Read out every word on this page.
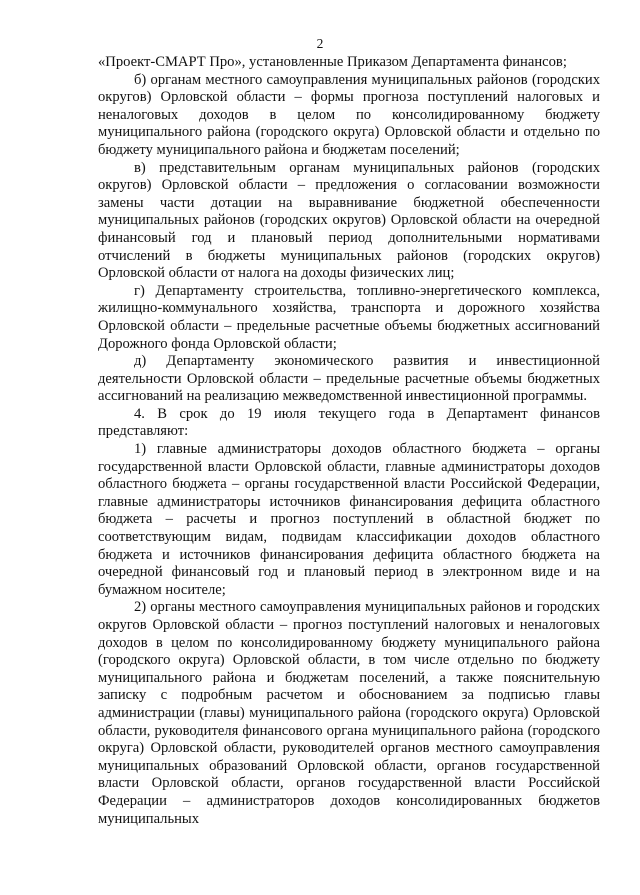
2

«Проект-СМАРТ Про», установленные Приказом Департамента финансов;

б) органам местного самоуправления муниципальных районов (городских округов) Орловской области – формы прогноза поступлений налоговых и неналоговых доходов в целом по консолидированному бюджету муниципального района (городского округа) Орловской области и отдельно по бюджету муниципального района и бюджетам поселений;

в) представительным органам муниципальных районов (городских округов) Орловской области – предложения о согласовании возможности замены части дотации на выравнивание бюджетной обеспеченности муниципальных районов (городских округов) Орловской области на очередной финансовый год и плановый период дополнительными нормативами отчислений в бюджеты муниципальных районов (городских округов) Орловской области от налога на доходы физических лиц;

г) Департаменту строительства, топливно-энергетического комплекса, жилищно-коммунального хозяйства, транспорта и дорожного хозяйства Орловской области – предельные расчетные объемы бюджетных ассигнований Дорожного фонда Орловской области;

д) Департаменту экономического развития и инвестиционной деятельности Орловской области – предельные расчетные объемы бюджетных ассигнований на реализацию межведомственной инвестиционной программы.

4. В срок до 19 июля текущего года в Департамент финансов представляют:

1) главные администраторы доходов областного бюджета – органы государственной власти Орловской области, главные администраторы доходов областного бюджета – органы государственной власти Российской Федерации, главные администраторы источников финансирования дефицита областного бюджета – расчеты и прогноз поступлений в областной бюджет по соответствующим видам, подвидам классификации доходов областного бюджета и источников финансирования дефицита областного бюджета на очередной финансовый год и плановый период в электронном виде и на бумажном носителе;

2) органы местного самоуправления муниципальных районов и городских округов Орловской области – прогноз поступлений налоговых и неналоговых доходов в целом по консолидированному бюджету муниципального района (городского округа) Орловской области, в том числе отдельно по бюджету муниципального района и бюджетам поселений, а также пояснительную записку с подробным расчетом и обоснованием за подписью главы администрации (главы) муниципального района (городского округа) Орловской области, руководителя финансового органа муниципального района (городского округа) Орловской области, руководителей органов местного самоуправления муниципальных образований Орловской области, органов государственной власти Орловской области, органов государственной власти Российской Федерации – администраторов доходов консолидированных бюджетов муниципальных
